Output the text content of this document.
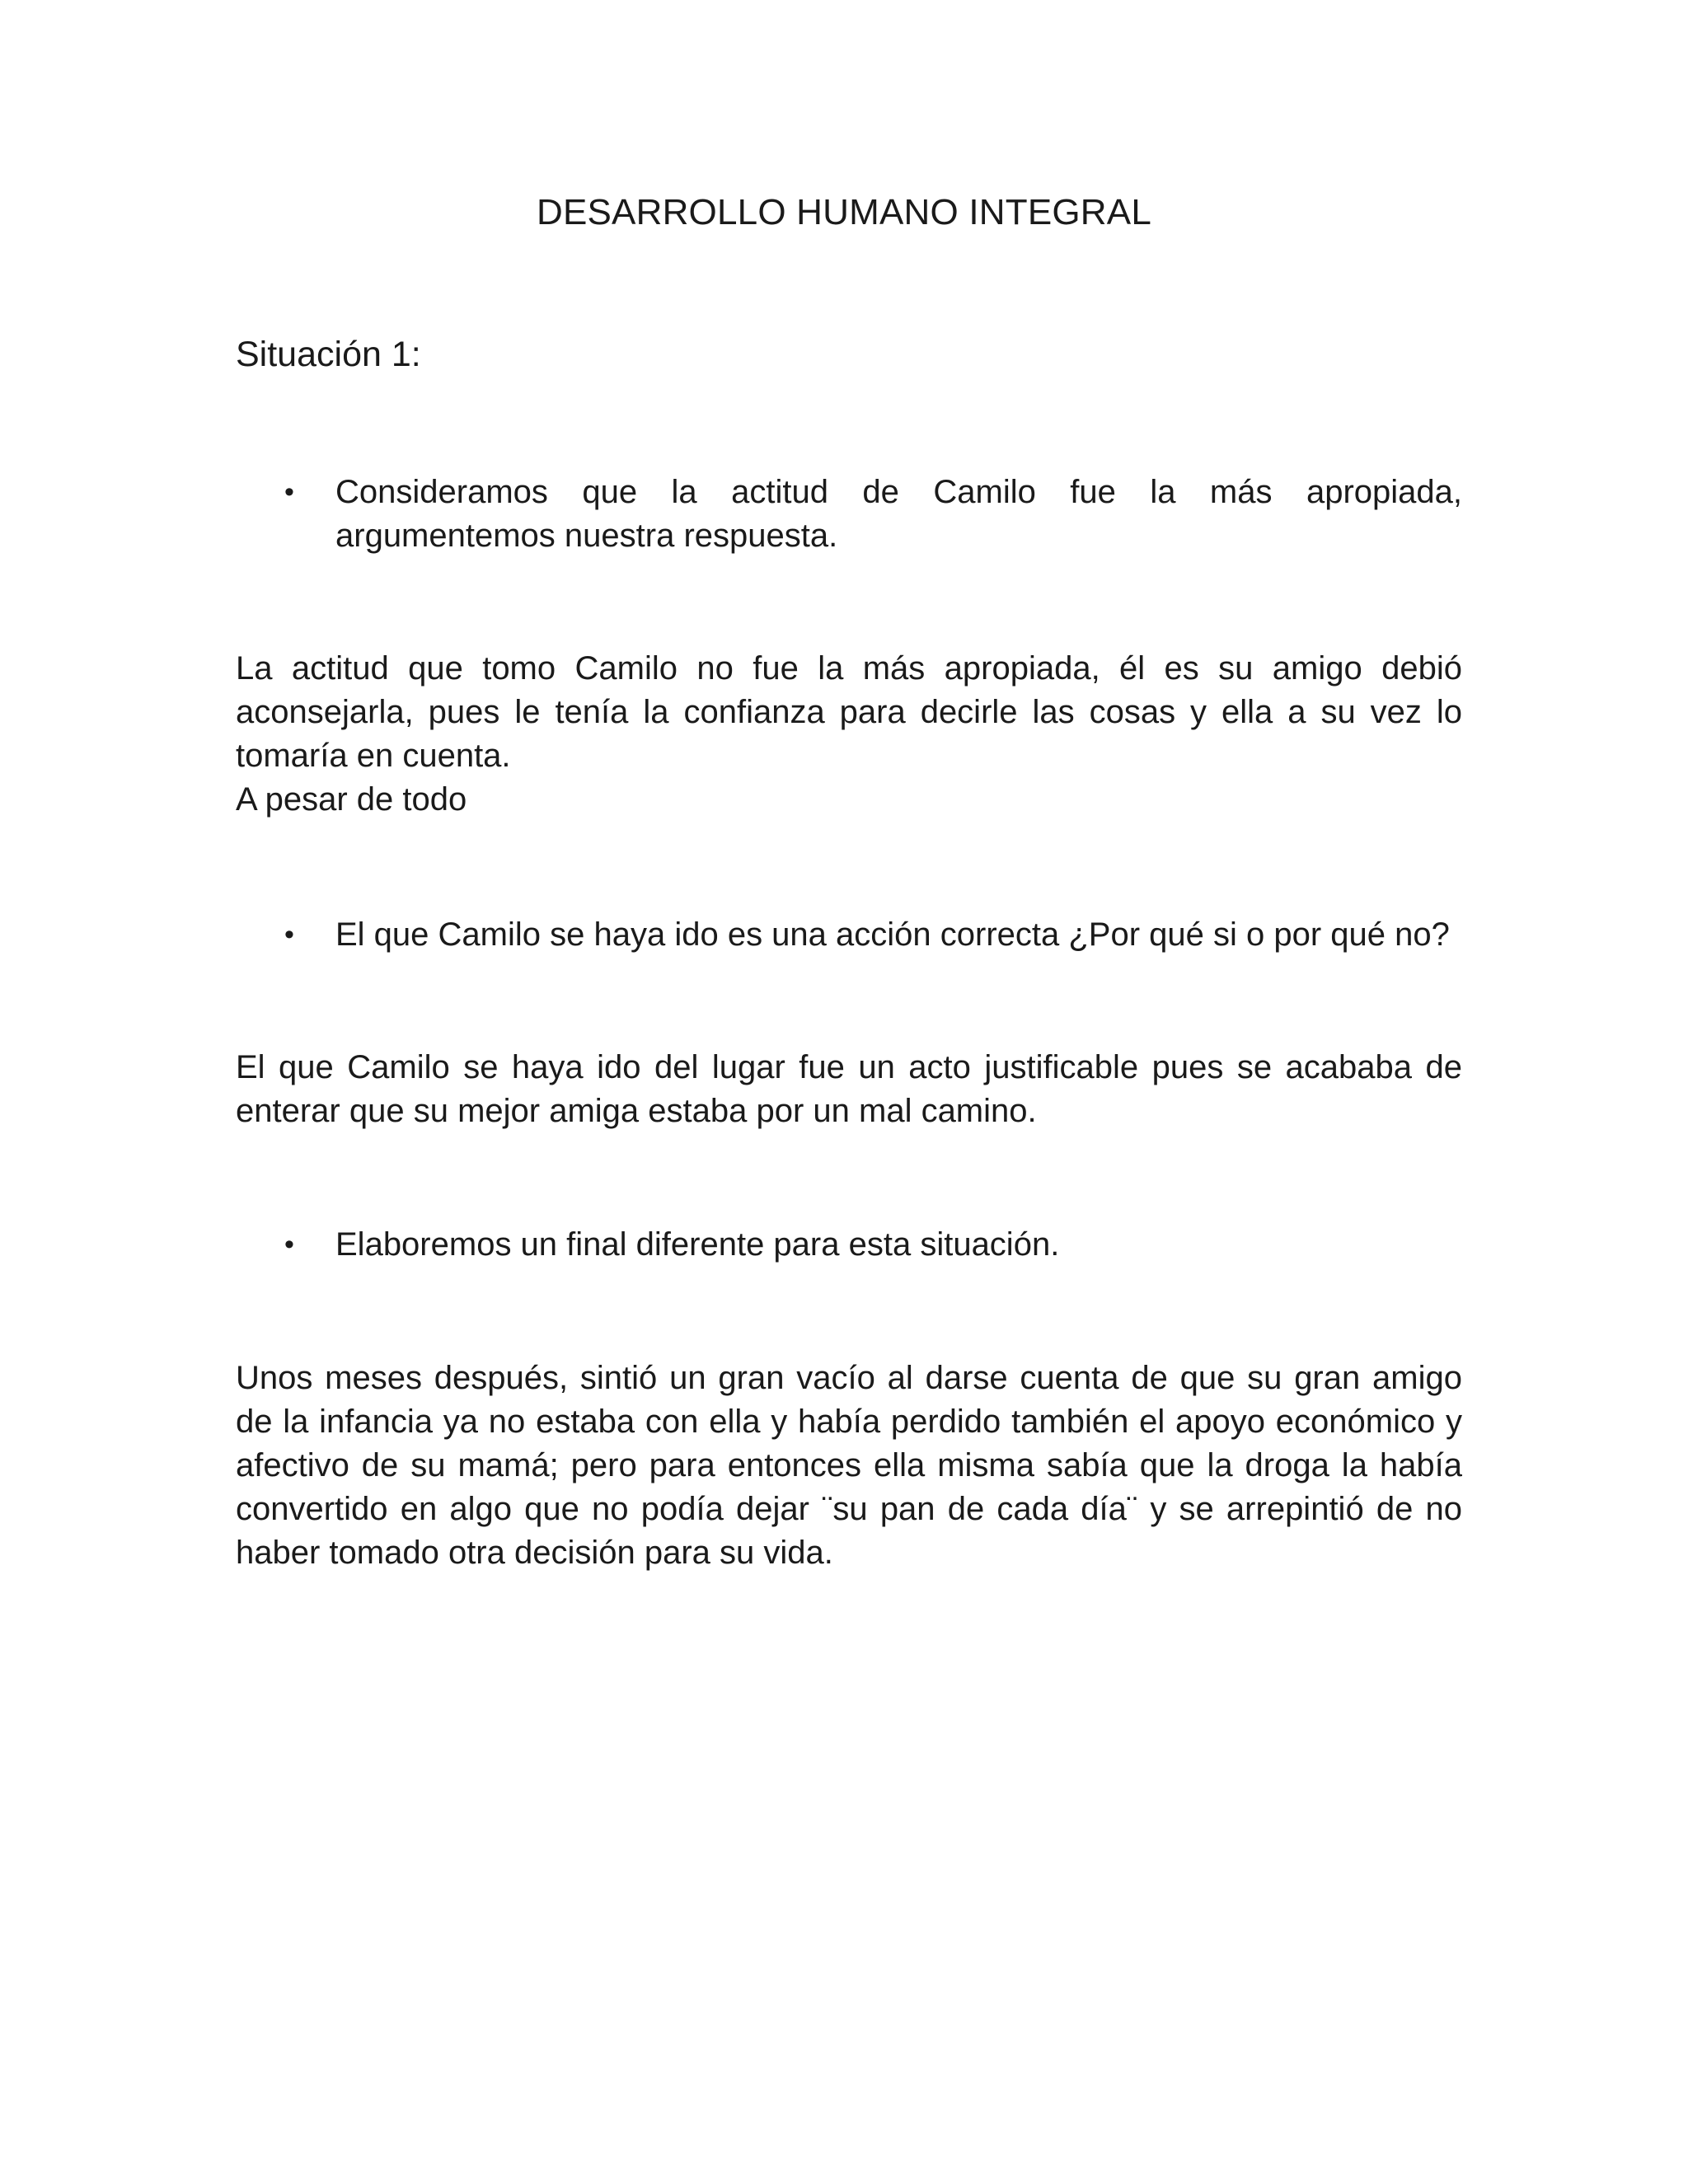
DESARROLLO HUMANO INTEGRAL
Situación 1:
•	Consideramos que la actitud de Camilo fue la más apropiada, argumentemos nuestra respuesta.
La actitud que tomo Camilo no fue la más apropiada, él es su amigo debió aconsejarla, pues le tenía la confianza para decirle las cosas y ella a su vez lo tomaría en cuenta.
A pesar de todo
•	El que Camilo se haya ido es una acción correcta ¿Por qué si o por qué no?
El que Camilo se haya ido del lugar fue un acto justificable pues se acababa de enterar que su mejor amiga estaba por un mal camino.
•	Elaboremos un final diferente para esta situación.
Unos meses después, sintió un gran vacío al darse cuenta de que su gran amigo de la infancia ya no estaba con ella y había perdido también el apoyo económico y afectivo de su mamá; pero para entonces ella misma sabía que la droga la había convertido en algo que no podía dejar ¨su pan de cada día¨ y se arrepintió de no haber tomado otra decisión para su vida.
